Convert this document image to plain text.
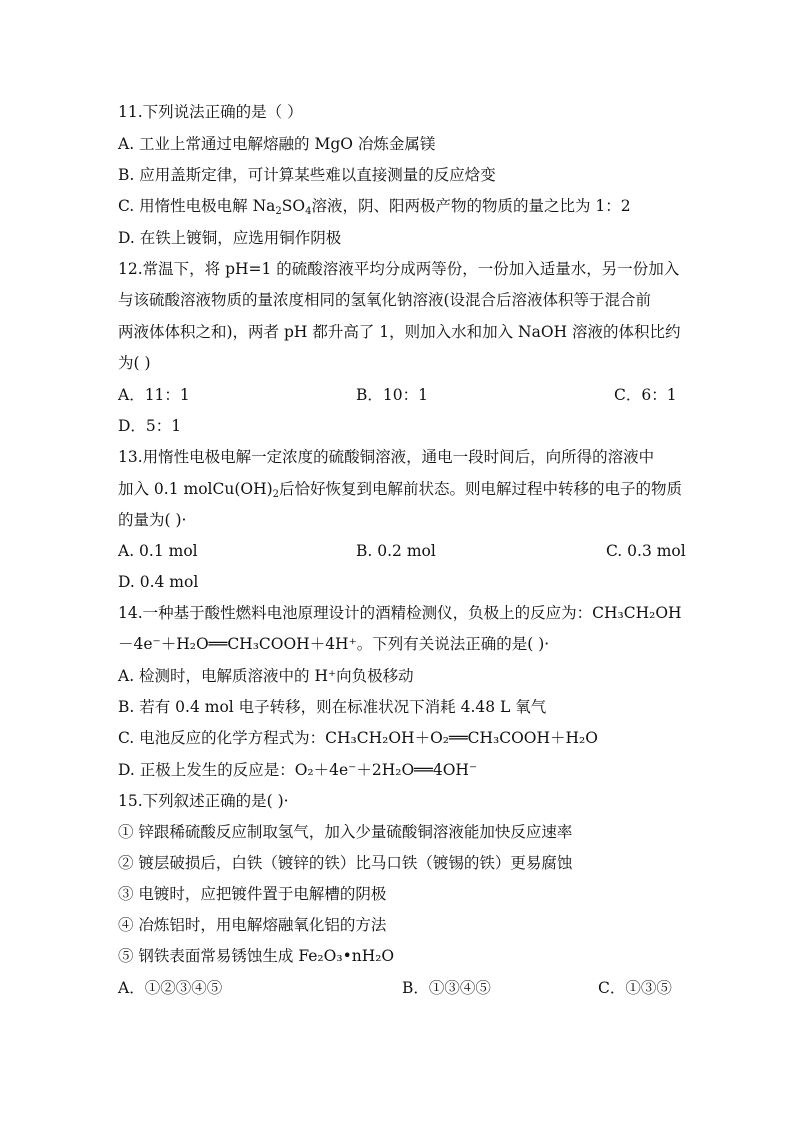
11.下列说法正确的是（ ）
A. 工业上常通过电解熔融的 MgO 冶炼金属镁
B. 应用盖斯定律，可计算某些难以直接测量的反应焓变
C. 用惰性电极电解 $Na_2SO_4$溶液，阴、阳两极产物的物质的量之比为 1：2
D. 在铁上镀铜，应选用铜作阴极
12.常温下，将 pH=1 的硫酸溶液平均分成两等份，一份加入适量水，另一份加入
与该硫酸溶液物质的量浓度相同的氢氧化钠溶液(设混合后溶液体积等于混合前
两液体体积之和)，两者 pH 都升高了 1，则加入水和加入 NaOH 溶液的体积比约
为( )
A．11：1	B．10：1	C．6：1
D．5：1
13.用惰性电极电解一定浓度的硫酸铜溶液，通电一段时间后，向所得的溶液中
加入 0.1 $molCu(OH)_2$后恰好恢复到电解前状态。则电解过程中转移的电子的物质
的量为( )·
A. 0.1 mol	B. 0.2 mol	C. 0.3 mol
D. 0.4 mol
14.一种基于酸性燃料电池原理设计的酒精检测仪，负极上的反应为：CH₃CH₂OH
－4e⁻＋H₂O══CH₃COOH＋4H⁺。下列有关说法正确的是( )·
A. 检测时，电解质溶液中的 H⁺向负极移动
B. 若有 0.4 mol 电子转移，则在标准状况下消耗 4.48 L 氧气
C. 电池反应的化学方程式为：CH₃CH₂OH＋O₂══CH₃COOH＋H₂O
D. 正极上发生的反应是：O₂＋4e⁻＋2H₂O══4OH⁻
15.下列叙述正确的是( )·
① 锌跟稀硫酸反应制取氢气，加入少量硫酸铜溶液能加快反应速率
② 镀层破损后，白铁（镀锌的铁）比马口铁（镀锡的铁）更易腐蚀
③ 电镀时，应把镀件置于电解槽的阴极
④ 冶炼铝时，用电解熔融氧化铝的方法
⑤ 钢铁表面常易锈蚀生成 Fe₂O₃•nH₂O
A．①②③④⑤	B．①③④⑤	C．①③⑤
